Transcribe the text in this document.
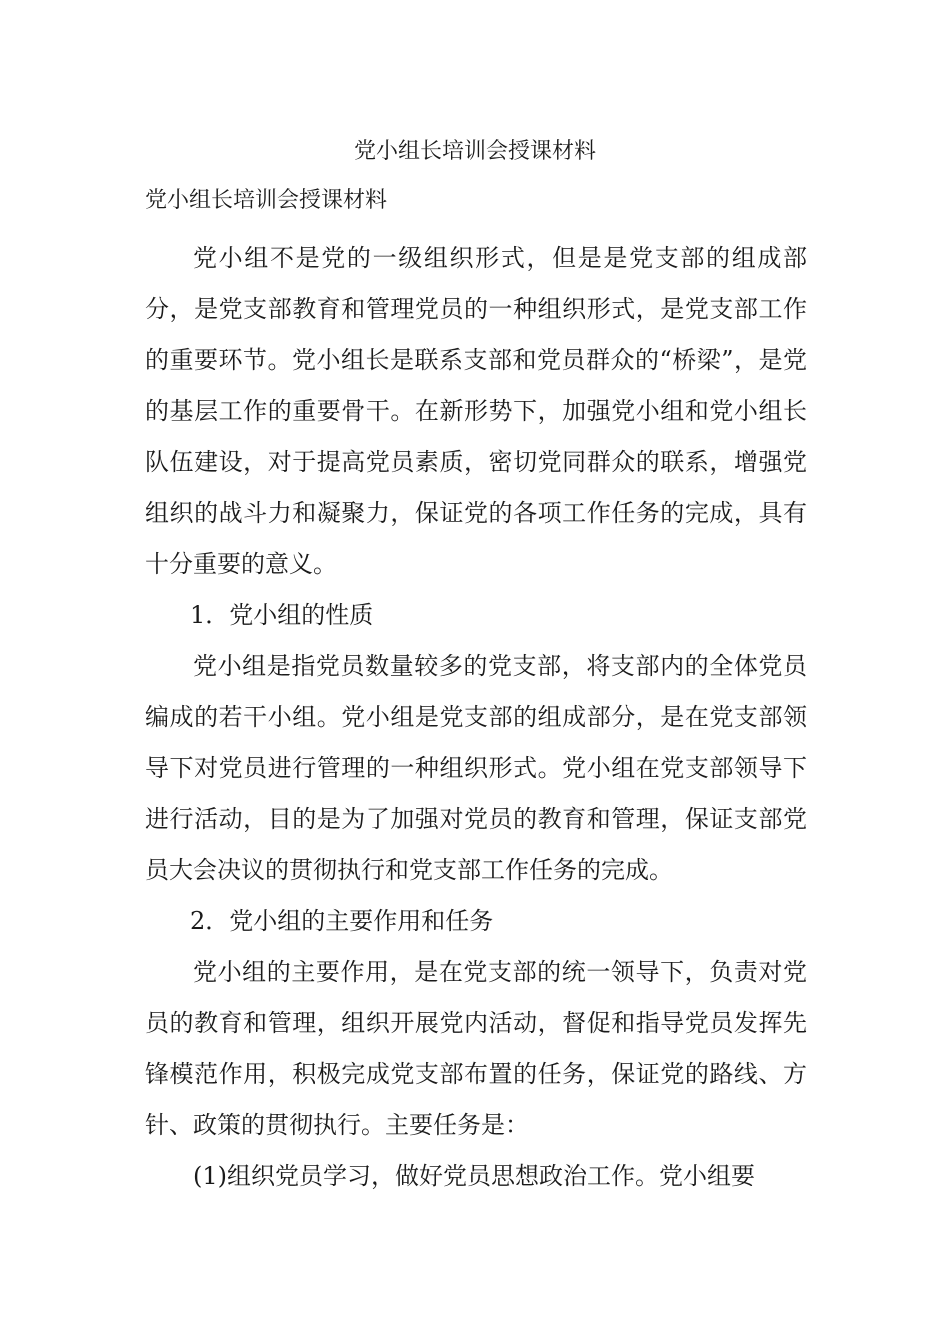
党小组长培训会授课材料
党小组长培训会授课材料

党小组不是党的一级组织形式，但是是党支部的组成部分，是党支部教育和管理党员的一种组织形式，是党支部工作的重要环节。党小组长是联系支部和党员群众的“桥梁”，是党的基层工作的重要骨干。在新形势下，加强党小组和党小组长队伍建设，对于提高党员素质，密切党同群众的联系，增强党组织的战斗力和凝聚力，保证党的各项工作任务的完成，具有十分重要的意义。

1．党小组的性质

党小组是指党员数量较多的党支部，将支部内的全体党员编成的若干小组。党小组是党支部的组成部分，是在党支部领导下对党员进行管理的一种组织形式。党小组在党支部领导下进行活动，目的是为了加强对党员的教育和管理，保证支部党员大会决议的贯彻执行和党支部工作任务的完成。

2．党小组的主要作用和任务

党小组的主要作用，是在党支部的统一领导下，负责对党员的教育和管理，组织开展党内活动，督促和指导党员发挥先锋模范作用，积极完成党支部布置的任务，保证党的路线、方针、政策的贯彻执行。主要任务是：

(1)组织党员学习，做好党员思想政治工作。党小组要
